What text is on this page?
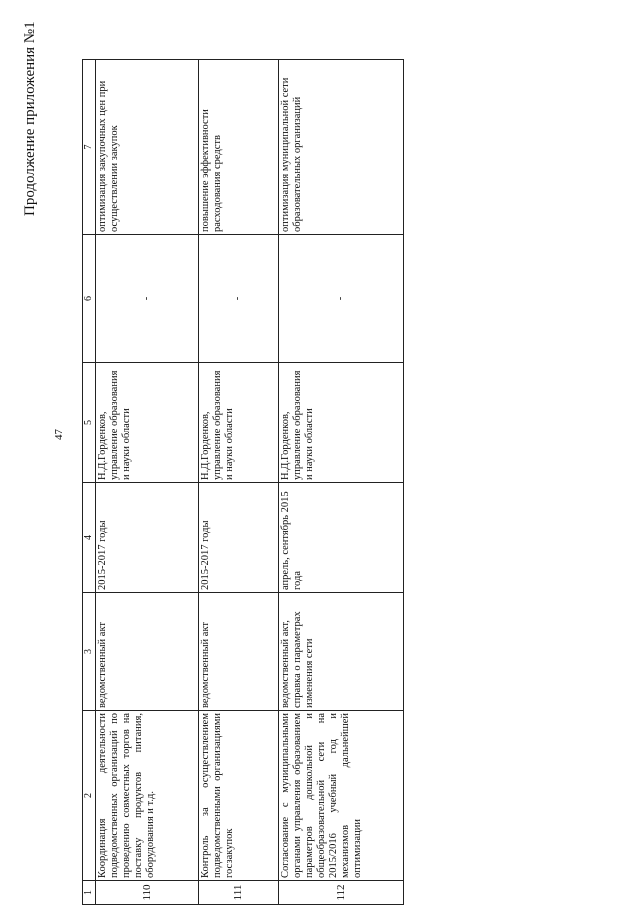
Продолжение приложения №1
47
1	2	3	4	5	6	7
110	Координация деятельности подведомственных организаций по проведению совместных торгов на поставку продуктов питания, оборудования и т.д.	ведомственный акт	2015-2017 годы	Н.Д.Горденков, управление образования и науки области	-	оптимизация закупочных цен при осуществлении закупок
111	Контроль за осуществлением подведомственными организациями госзакупок	ведомственный акт	2015-2017 годы	Н.Д.Горденков, управление образования и науки области	-	повышение эффективности расходования средств
112	Согласование с муниципальными органами управления образованием параметров дошкольной и общеобразовательной сети на 2015/2016 учебный год и механизмов дальнейшей оптимизации	ведомственный акт, справка о параметрах изменения сети	апрель, сентябрь 2015 года	Н.Д.Горденков, управление образования и науки области	-	оптимизация муниципальной сети образовательных организаций
